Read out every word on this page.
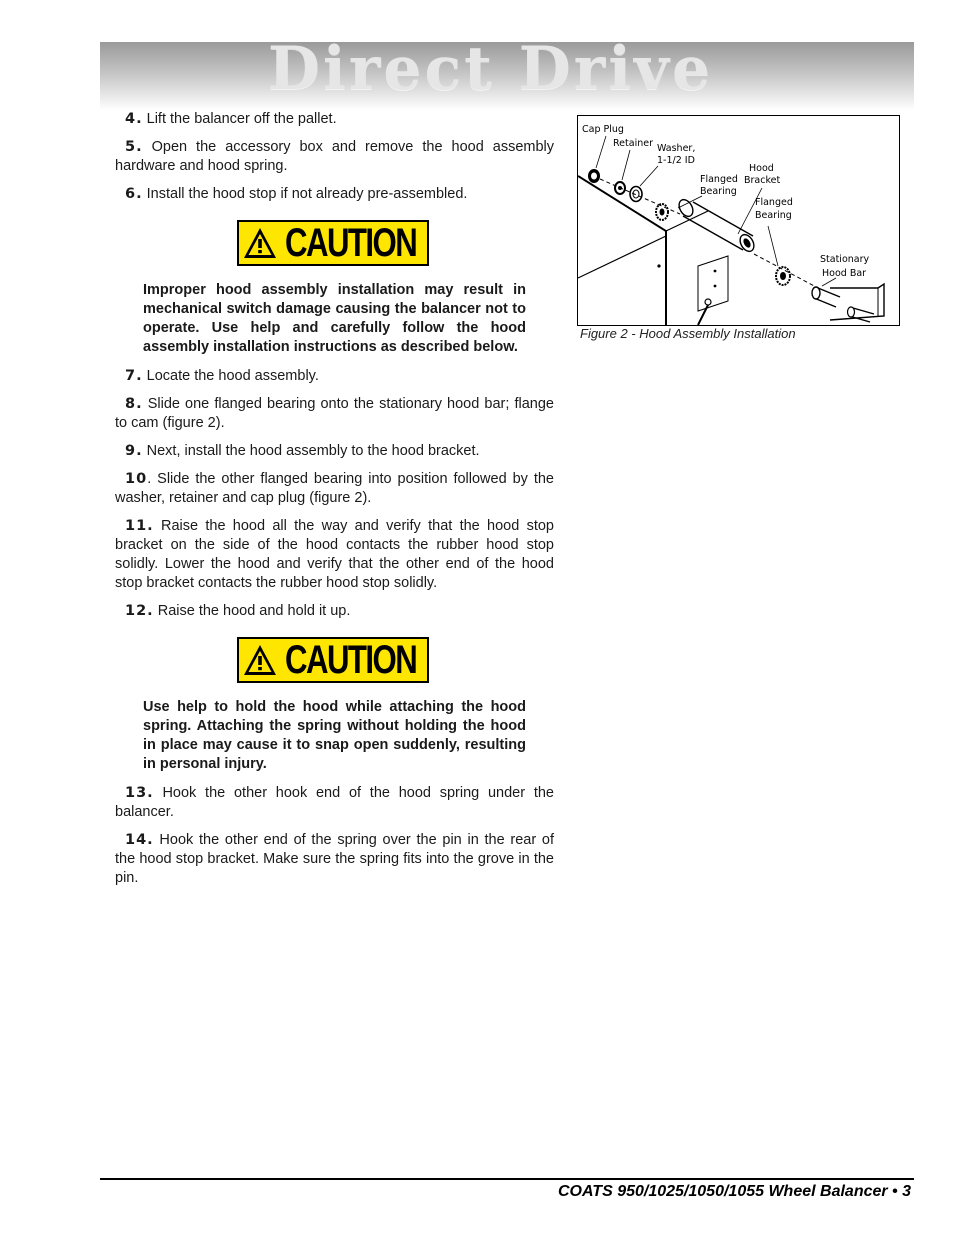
Direct Drive

4. Lift the balancer off the pallet.

5. Open the accessory box and remove the hood assembly hardware and hood spring.

6. Install the hood stop if not already pre-assembled.

CAUTION

Improper hood assembly installation may result in mechanical switch damage causing the balancer not to operate. Use help and carefully follow the hood assembly installation instructions as described below.

7. Locate the hood assembly.

8. Slide one flanged bearing onto the stationary hood bar; flange to cam (figure 2).

9. Next, install the hood assembly to the hood bracket.

10. Slide the other flanged bearing into position followed by the washer, retainer and cap plug (figure 2).

11. Raise the hood all the way and verify that the hood stop bracket on the side of the hood contacts the rubber hood stop solidly. Lower the hood and verify that the other end of the hood stop bracket contacts the rubber hood stop solidly.

12. Raise the hood and hold it up.

CAUTION

Use help to hold the hood while attaching the hood spring. Attaching the spring without holding the hood in place may cause it to snap open suddenly, resulting in personal injury.

13. Hook the other hook end of the hood spring under the balancer.

14. Hook the other end of the spring over the pin in the rear of the hood stop bracket. Make sure the spring fits into the grove in the pin.

Cap Plug
Retainer Washer,
1-1/2 ID
Flanged
Bearing
Hood
Bracket
Flanged
Bearing
Stationary
Hood Bar
Figure 2 - Hood Assembly Installation
COATS 950/1025/1050/1055 Wheel Balancer • 3
